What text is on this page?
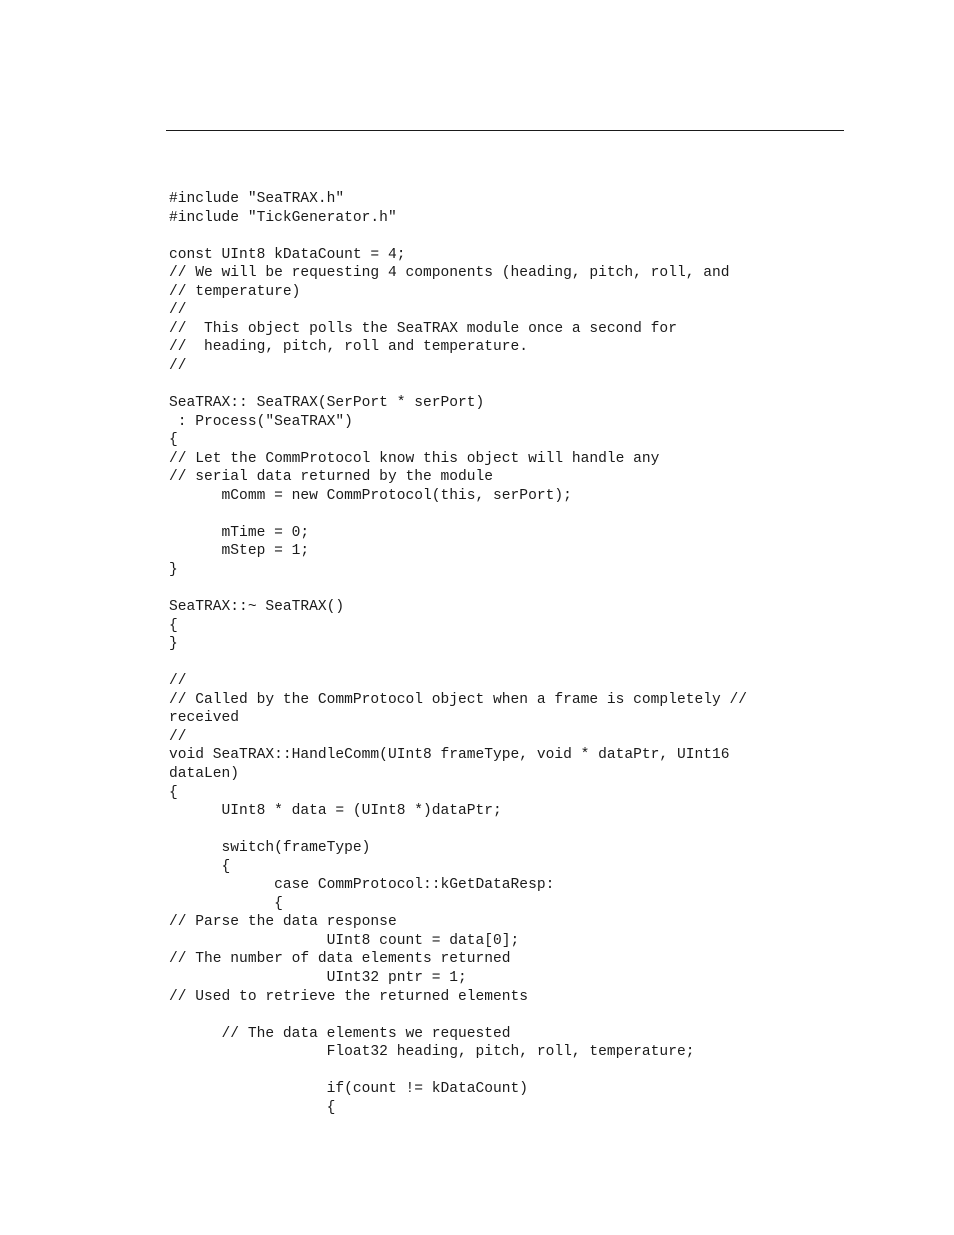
#include "SeaTRAX.h"
#include "TickGenerator.h"
const UInt8 kDataCount = 4;
// We will be requesting 4 components (heading, pitch, roll, and
// temperature)
//
//  This object polls the SeaTRAX module once a second for
//  heading, pitch, roll and temperature.
//
SeaTRAX:: SeaTRAX(SerPort * serPort)
: Process("SeaTRAX")
{
// Let the CommProtocol know this object will handle any
// serial data returned by the module
mComm = new CommProtocol(this, serPort);
mTime = 0;
mStep = 1;
}
SeaTRAX::~ SeaTRAX()
{
}
//
// Called by the CommProtocol object when a frame is completely //
received
//
void SeaTRAX::HandleComm(UInt8 frameType, void * dataPtr, UInt16
dataLen)
{
UInt8 * data = (UInt8 *)dataPtr;
switch(frameType)
{
case CommProtocol::kGetDataResp:
{
// Parse the data response
UInt8 count = data[0];
// The number of data elements returned
UInt32 pntr = 1;
// Used to retrieve the returned elements
// The data elements we requested
Float32 heading, pitch, roll, temperature;
if(count != kDataCount)
{
